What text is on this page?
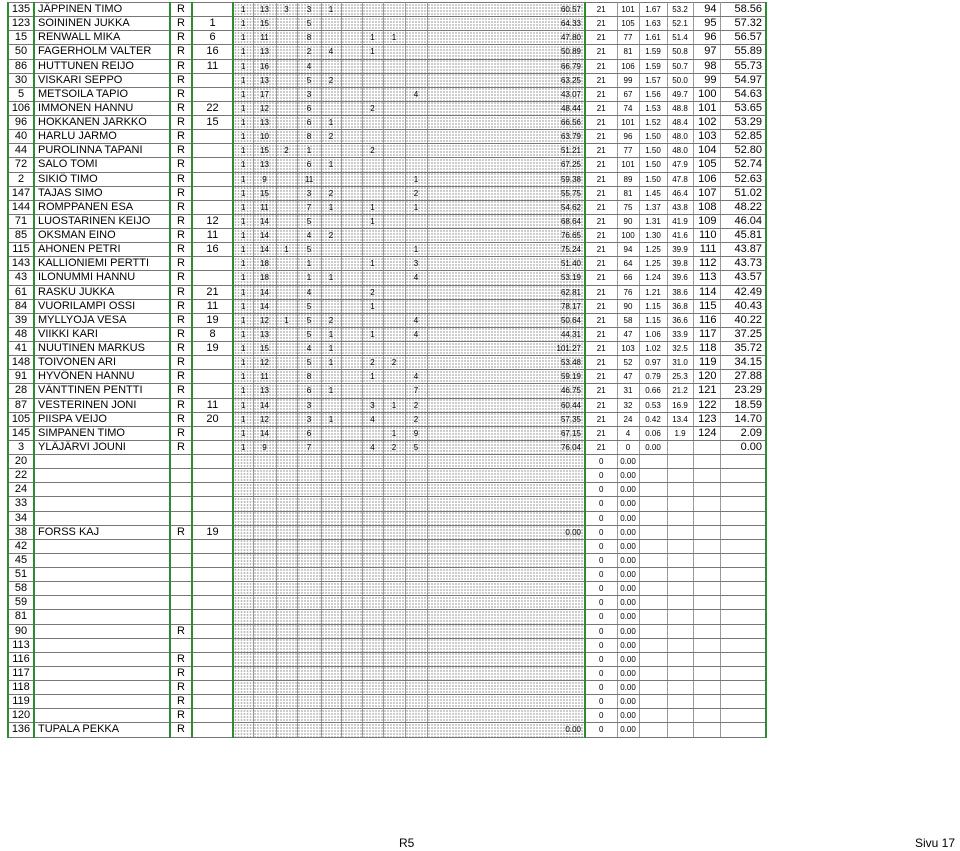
135	JÄPPINEN TIMO	R		1	13	3	3	1					60.57	21	101	1.67	53.2	94	58.56
123	SOININEN JUKKA	R	1	1	15		5						64.33	21	105	1.63	52.1	95	57.32
15	RENWALL MIKA	R	6	1	11		8			1	1		47.80	21	77	1.61	51.4	96	56.57
50	FAGERHOLM VALTER	R	16	1	13		2	4		1			50.89	21	81	1.59	50.8	97	55.89
86	HUTTUNEN REIJO	R	11	1	16		4						66.79	21	106	1.59	50.7	98	55.73
30	VISKARI SEPPO	R		1	13		5	2					63.25	21	99	1.57	50.0	99	54.97
5	METSOILA TAPIO	R		1	17		3					4	43.07	21	67	1.56	49.7	100	54.63
106	IMMONEN HANNU	R	22	1	12		6			2			48.44	21	74	1.53	48.8	101	53.65
96	HOKKANEN JARKKO	R	15	1	13		6	1					66.56	21	101	1.52	48.4	102	53.29
40	HARLU JARMO	R		1	10		8	2					63.79	21	96	1.50	48.0	103	52.85
44	PUROLINNA TAPANI	R		1	15	2	1			2			51.21	21	77	1.50	48.0	104	52.80
72	SALO TOMI	R		1	13		6	1					67.25	21	101	1.50	47.9	105	52.74
2	SIKIÖ TIMO	R		1	9		11					1	59.38	21	89	1.50	47.8	106	52.63
147	TAJAS SIMO	R		1	15		3	2				2	55.75	21	81	1.45	46.4	107	51.02
144	ROMPPANEN ESA	R		1	11		7	1		1		1	54.62	21	75	1.37	43.8	108	48.22
71	LUOSTARINEN KEIJO	R	12	1	14		5			1			68.64	21	90	1.31	41.9	109	46.04
85	OKSMAN EINO	R	11	1	14		4	2					76.65	21	100	1.30	41.6	110	45.81
115	AHONEN PETRI	R	16	1	14	1	5					1	75.24	21	94	1.25	39.9	111	43.87
143	KALLIONIEMI PERTTI	R		1	18		1			1		3	51.40	21	64	1.25	39.8	112	43.73
43	ILONUMMI HANNU	R		1	18		1	1				4	53.19	21	66	1.24	39.6	113	43.57
61	RASKU JUKKA	R	21	1	14		4			2			62.81	21	76	1.21	38.6	114	42.49
84	VUORILAMPI OSSI	R	11	1	14		5			1			78.17	21	90	1.15	36.8	115	40.43
39	MYLLYOJA VESA	R	19	1	12	1	5	2				4	50.64	21	58	1.15	36.6	116	40.22
48	VIIKKI KARI	R	8	1	13		5	1		1		4	44.31	21	47	1.06	33.9	117	37.25
41	NUUTINEN MARKUS	R	19	1	15		4	1					101.27	21	103	1.02	32.5	118	35.72
148	TOIVONEN ARI	R		1	12		5	1		2	2		53.48	21	52	0.97	31.0	119	34.15
91	HYVÖNEN HANNU	R		1	11		8			1		4	59.19	21	47	0.79	25.3	120	27.88
28	VÄNTTINEN PENTTI	R		1	13		6	1				7	46.75	21	31	0.66	21.2	121	23.29
87	VESTERINEN JONI	R	11	1	14		3			3	1	2	60.44	21	32	0.53	16.9	122	18.59
105	PIISPA VEIJO	R	20	1	12		3	1		4		2	57.35	21	24	0.42	13.4	123	14.70
145	SIMPANEN TIMO	R		1	14		6				1	9	67.15	21	4	0.06	1.9	124	2.09
3	YLÄJÄRVI JOUNI	R		1	9		7			4	2	5	76.04	21	0	0.00			0.00
20														0	0.00				
22														0	0.00				
24														0	0.00				
33														0	0.00				
34														0	0.00				
38	FORSS KAJ	R	19										0.00	0	0.00				
42														0	0.00				
45														0	0.00				
51														0	0.00				
58														0	0.00				
59														0	0.00				
81														0	0.00				
90		R												0	0.00				
113														0	0.00				
116		R												0	0.00				
117		R												0	0.00				
118		R												0	0.00				
119		R												0	0.00				
120		R												0	0.00				
136	TUPALA PEKKA	R											0.00	0	0.00				
R5	Sivu 17
